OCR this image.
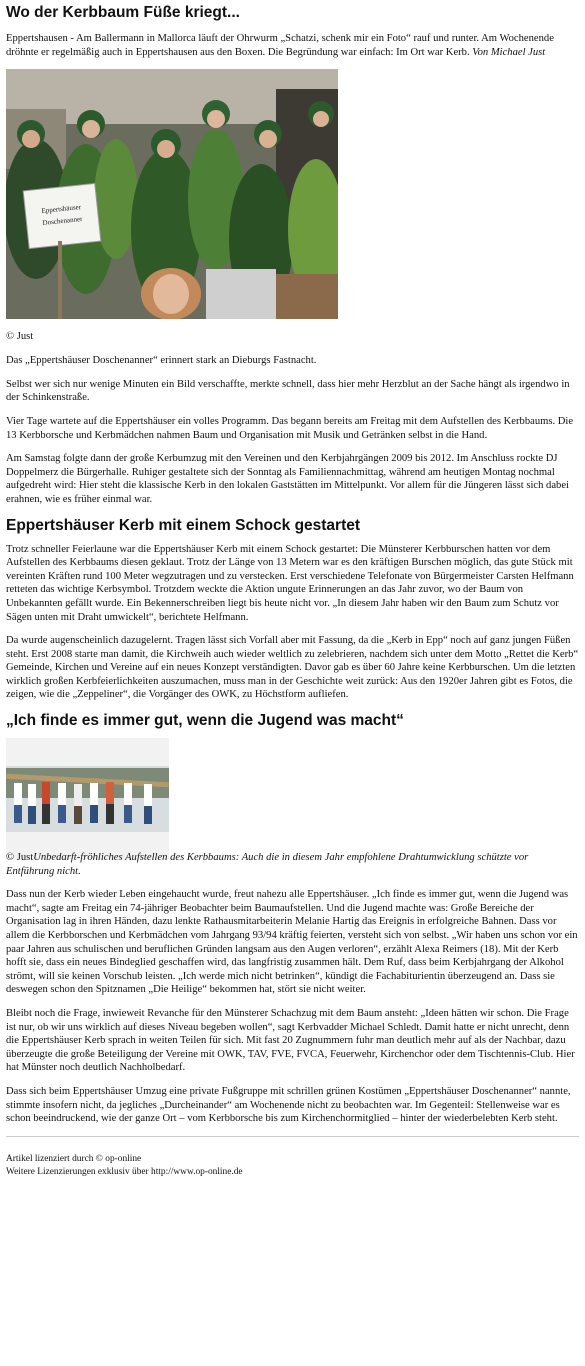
Wo der Kerbbaum Füße kriegt...

Eppertshausen - Am Ballermann in Mallorca läuft der Ohrwurm „Schatzi, schenk mir ein Foto“ rauf und runter. Am Wochenende dröhnte er regelmäßig auch in Eppertshausen aus den Boxen. Die Begründung war einfach: Im Ort war Kerb. Von Michael Just

Eppertshäuser
Doschenanner
© Just

Das „Eppertshäuser Doschenanner“ erinnert stark an Dieburgs Fastnacht.

Selbst wer sich nur wenige Minuten ein Bild verschaffte, merkte schnell, dass hier mehr Herzblut an der Sache hängt als irgendwo in der Schinkenstraße.

Vier Tage wartete auf die Eppertshäuser ein volles Programm. Das begann bereits am Freitag mit dem Aufstellen des Kerbbaums. Die 13 Kerbborsche und Kerbmädchen nahmen Baum und Organisation mit Musik und Getränken selbst in die Hand.

Am Samstag folgte dann der große Kerbumzug mit den Vereinen und den Kerbjahrgängen 2009 bis 2012. Im Anschluss rockte DJ Doppelmerz die Bürgerhalle. Ruhiger gestaltete sich der Sonntag als Familiennachmittag, während am heutigen Montag nochmal aufgedreht wird: Hier steht die klassische Kerb in den lokalen Gaststätten im Mittelpunkt. Vor allem für die Jüngeren lässt sich dabei erahnen, wie es früher einmal war.

Eppertshäuser Kerb mit einem Schock gestartet

Trotz schneller Feierlaune war die Eppertshäuser Kerb mit einem Schock gestartet: Die Münsterer Kerbburschen hatten vor dem Aufstellen des Kerbbaums diesen geklaut. Trotz der Länge von 13 Metern war es den kräftigen Burschen möglich, das gute Stück mit vereinten Kräften rund 100 Meter wegzutragen und zu verstecken. Erst verschiedene Telefonate von Bürgermeister Carsten Helfmann retteten das wichtige Kerbsymbol. Trotzdem weckte die Aktion ungute Erinnerungen an das Jahr zuvor, wo der Baum von Unbekannten gefällt wurde. Ein Bekennerschreiben liegt bis heute nicht vor. „In diesem Jahr haben wir den Baum zum Schutz vor Sägen unten mit Draht umwickelt“, berichtete Helfmann.

Da wurde augenscheinlich dazugelernt. Tragen lässt sich Vorfall aber mit Fassung, da die „Kerb in Epp“ noch auf ganz jungen Füßen steht. Erst 2008 starte man damit, die Kirchweih auch wieder weltlich zu zelebrieren, nachdem sich unter dem Motto „Rettet die Kerb“ Gemeinde, Kirchen und Vereine auf ein neues Konzept verständigten. Davor gab es über 60 Jahre keine Kerbburschen. Um die letzten wirklich großen Kerbfeierlichkeiten auszumachen, muss man in der Geschichte weit zurück: Aus den 1920er Jahren gibt es Fotos, die zeigen, wie die „Zeppeliner“, die Vorgänger des OWK, zu Höchstform aufliefen.

„Ich finde es immer gut, wenn die Jugend was macht“

© JustUnbedarft-fröhliches Aufstellen des Kerbbaums: Auch die in diesem Jahr empfohlene Drahtumwicklung schützte vor Entführung nicht.

Dass nun der Kerb wieder Leben eingehaucht wurde, freut nahezu alle Eppertshäuser. „Ich finde es immer gut, wenn die Jugend was macht“, sagte am Freitag ein 74-jähriger Beobachter beim Baumaufstellen. Und die Jugend machte was: Große Bereiche der Organisation lag in ihren Händen, dazu lenkte Rathausmitarbeiterin Melanie Hartig das Ereignis in erfolgreiche Bahnen. Dass vor allem die Kerbborschen und Kerbmädchen vom Jahrgang 93/94 kräftig feierten, versteht sich von selbst. „Wir haben uns schon vor ein paar Jahren aus schulischen und beruflichen Gründen langsam aus den Augen verloren“, erzählt Alexa Reimers (18). Mit der Kerb hofft sie, dass ein neues Bindeglied geschaffen wird, das langfristig zusammen hält. Dem Ruf, dass beim Kerbjahrgang der Alkohol strömt, will sie keinen Vorschub leisten. „Ich werde mich nicht betrinken“, kündigt die Fachabiturientin überzeugend an. Dass sie deswegen schon den Spitznamen „Die Heilige“ bekommen hat, stört sie nicht weiter.

Bleibt noch die Frage, inwieweit Revanche für den Münsterer Schachzug mit dem Baum ansteht: „Ideen hätten wir schon. Die Frage ist nur, ob wir uns wirklich auf dieses Niveau begeben wollen“, sagt Kerbvadder Michael Schledt. Damit hatte er nicht unrecht, denn die Eppertshäuser Kerb sprach in weiten Teilen für sich. Mit fast 20 Zugnummern fuhr man deutlich mehr auf als der Nachbar, dazu überzeugte die große Beteiligung der Vereine mit OWK, TAV, FVE, FVCA, Feuerwehr, Kirchenchor oder dem Tischtennis-Club. Hier hat Münster noch deutlich Nachholbedarf.

Dass sich beim Eppertshäuser Umzug eine private Fußgruppe mit schrillen grünen Kostümen „Eppertshäuser Doschenanner“ nannte, stimmte insofern nicht, da jegliches „Durcheinander“ am Wochenende nicht zu beobachten war. Im Gegenteil: Stellenweise war es schon beeindruckend, wie der ganze Ort – vom Kerbborsche bis zum Kirchenchormitglied – hinter der wiederbelebten Kerb steht.

Artikel lizenziert durch © op-online
Weitere Lizenzierungen exklusiv über http://www.op-online.de
